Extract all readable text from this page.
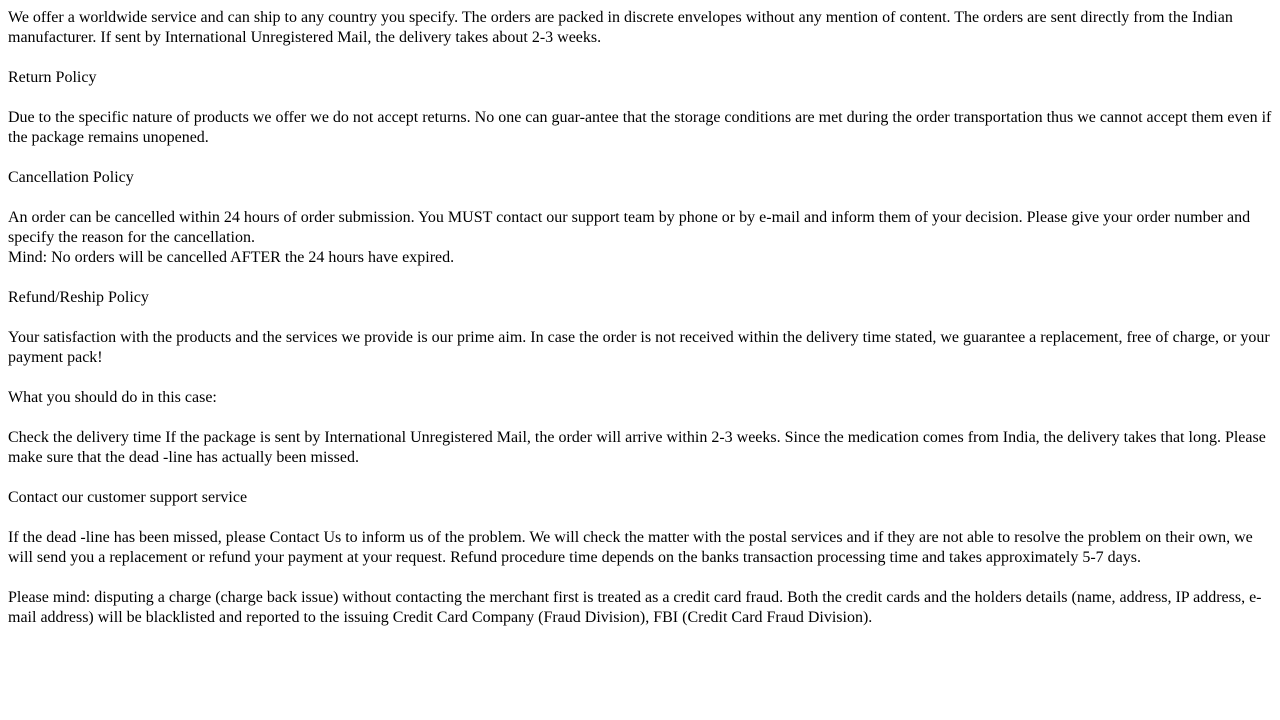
We offer a worldwide service and can ship to any country you specify. The orders are packed in discrete envelopes without any mention of content. The orders are sent directly from the Indian manufacturer. If sent by International Unregistered Mail, the delivery takes about 2-3 weeks.
Return Policy
Due to the specific nature of products we offer we do not accept returns. No one can guar-antee that the storage conditions are met during the order transportation thus we cannot accept them even if the package remains unopened.
Cancellation Policy
An order can be cancelled within 24 hours of order submission. You MUST contact our support team by phone or by e-mail and inform them of your decision. Please give your order number and specify the reason for the cancellation.
Mind: No orders will be cancelled AFTER the 24 hours have expired.
Refund/Reship Policy
Your satisfaction with the products and the services we provide is our prime aim. In case the order is not received within the delivery time stated, we guarantee a replacement, free of charge, or your payment pack!
What you should do in this case:
Check the delivery time If the package is sent by International Unregistered Mail, the order will arrive within 2-3 weeks. Since the medication comes from India, the delivery takes that long. Please make sure that the dead -line has actually been missed.
Contact our customer support service
If the dead -line has been missed, please Contact Us to inform us of the problem. We will check the matter with the postal services and if they are not able to resolve the problem on their own, we will send you a replacement or refund your payment at your request. Refund procedure time depends on the banks transaction processing time and takes approximately 5-7 days.
Please mind: disputing a charge (charge back issue) without contacting the merchant first is treated as a credit card fraud. Both the credit cards and the holders details (name, address, IP address, e-mail address) will be blacklisted and reported to the issuing Credit Card Company (Fraud Division), FBI (Credit Card Fraud Division).
